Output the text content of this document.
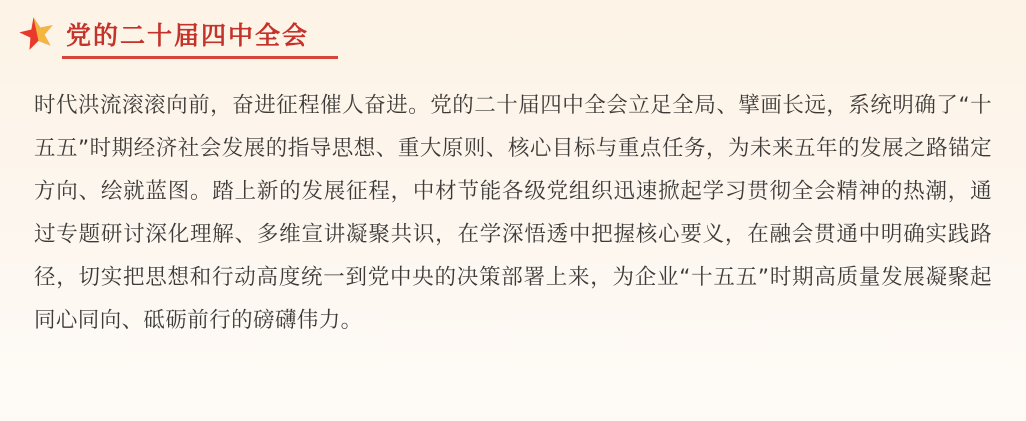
党的二十届四中全会

时代洪流滚滚向前，奋进征程催人奋进。党的二十届四中全会立足全局、擘画长远，系统明确了“十五五”时期经济社会发展的指导思想、重大原则、核心目标与重点任务，为未来五年的发展之路锚定方向、绘就蓝图。踏上新的发展征程，中材节能各级党组织迅速掀起学习贯彻全会精神的热潮，通过专题研讨深化理解、多维宣讲凝聚共识，在学深悟透中把握核心要义，在融会贯通中明确实践路径，切实把思想和行动高度统一到党中央的决策部署上来，为企业“十五五”时期高质量发展凝聚起同心同向、砥砺前行的磅礴伟力。
